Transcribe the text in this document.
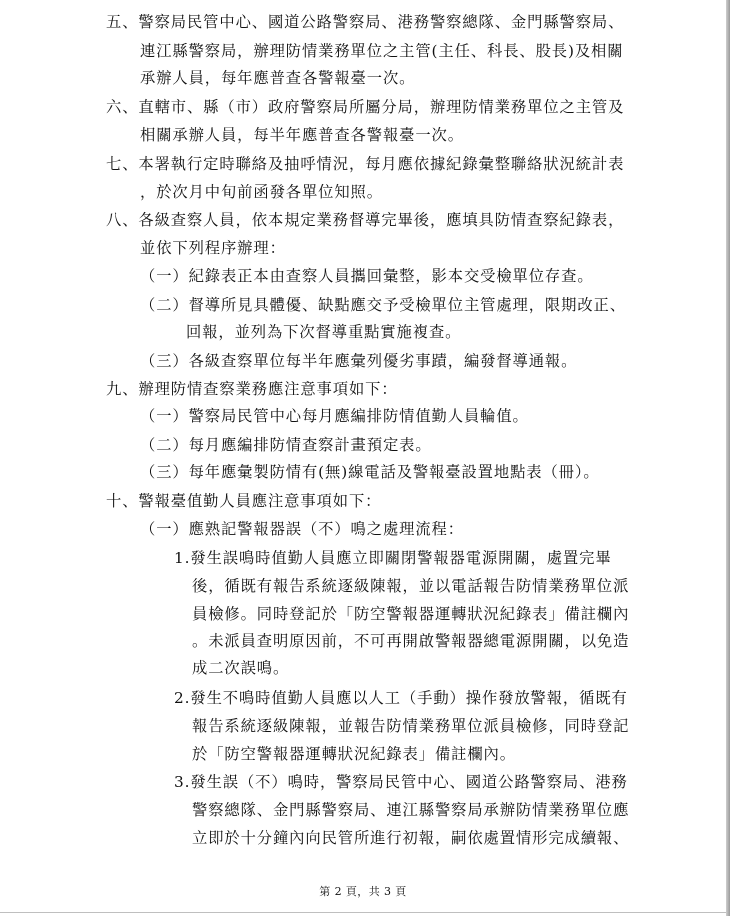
五、警察局民管中心、國道公路警察局、港務警察總隊、金門縣警察局、
連江縣警察局，辦理防情業務單位之主管(主任、科長、股長)及相關
承辦人員，每年應普查各警報臺一次。
六、直轄市、縣（市）政府警察局所屬分局，辦理防情業務單位之主管及
相關承辦人員，每半年應普查各警報臺一次。
七、本署執行定時聯絡及抽呼情況，每月應依據紀錄彙整聯絡狀況統計表
，於次月中旬前函發各單位知照。
八、各級查察人員，依本規定業務督導完畢後，應填具防情查察紀錄表，
並依下列程序辦理：
（一）紀錄表正本由查察人員攜回彙整，影本交受檢單位存查。
（二）督導所見具體優、缺點應交予受檢單位主管處理，限期改正、
回報，並列為下次督導重點實施複查。
（三）各級查察單位每半年應彙列優劣事蹟，編發督導通報。
九、辦理防情查察業務應注意事項如下：
（一）警察局民管中心每月應編排防情值勤人員輪值。
（二）每月應編排防情查察計畫預定表。
（三）每年應彙製防情有(無)線電話及警報臺設置地點表（冊）。
十、警報臺值勤人員應注意事項如下：
（一）應熟記警報器誤（不）鳴之處理流程：
1.發生誤鳴時值勤人員應立即關閉警報器電源開關，處置完畢
後，循既有報告系統逐級陳報，並以電話報告防情業務單位派
員檢修。同時登記於「防空警報器運轉狀況紀錄表」備註欄內
。未派員查明原因前，不可再開啟警報器總電源開關，以免造
成二次誤鳴。
2.發生不鳴時值勤人員應以人工（手動）操作發放警報，循既有
報告系統逐級陳報，並報告防情業務單位派員檢修，同時登記
於「防空警報器運轉狀況紀錄表」備註欄內。
3.發生誤（不）鳴時，警察局民管中心、國道公路警察局、港務
警察總隊、金門縣警察局、連江縣警察局承辦防情業務單位應
立即於十分鐘內向民管所進行初報，嗣依處置情形完成續報、
第 2 頁，共 3 頁
